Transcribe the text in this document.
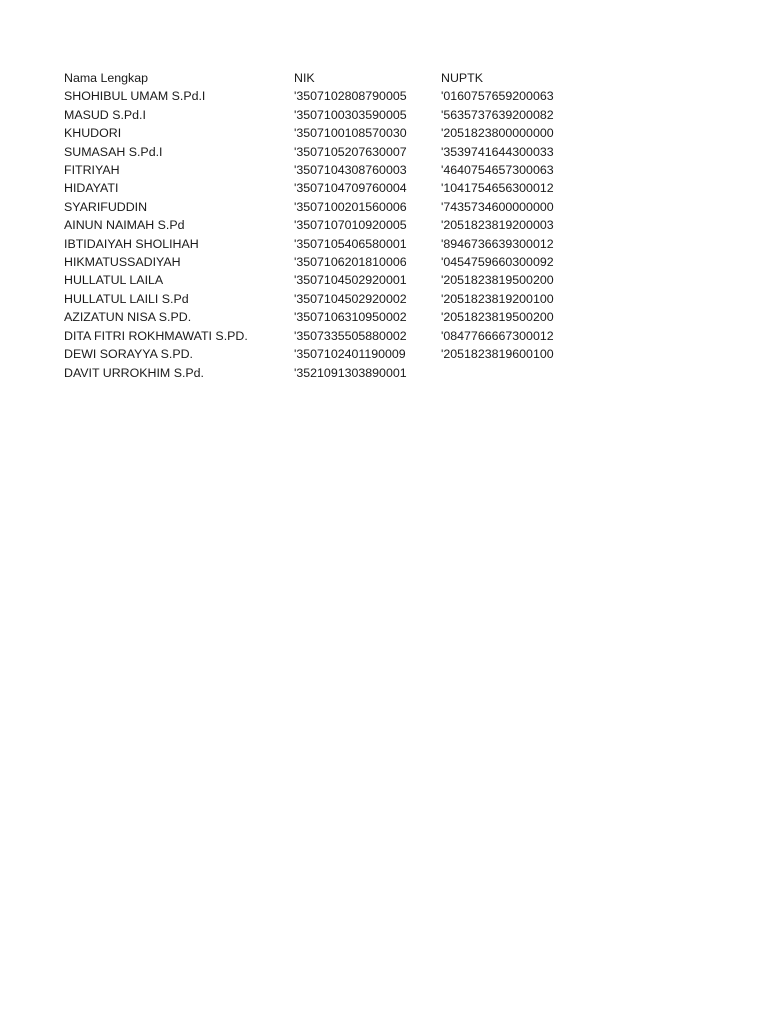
Nama Lengkap	NIK	NUPTK
SHOHIBUL UMAM S.Pd.I	'3507102808790005	'0160757659200063
MASUD S.Pd.I	'3507100303590005	'5635737639200082
KHUDORI	'3507100108570030	'2051823800000000
SUMASAH S.Pd.I	'3507105207630007	'3539741644300033
FITRIYAH	'3507104308760003	'4640754657300063
HIDAYATI	'3507104709760004	'1041754656300012
SYARIFUDDIN	'3507100201560006	'7435734600000000
AINUN NAIMAH S.Pd	'3507107010920005	'2051823819200003
IBTIDAIYAH SHOLIHAH	'3507105406580001	'8946736639300012
HIKMATUSSADIYAH	'3507106201810006	'0454759660300092
HULLATUL LAILA	'3507104502920001	'2051823819500200
HULLATUL LAILI S.Pd	'3507104502920002	'2051823819200100
AZIZATUN NISA S.PD.	'3507106310950002	'2051823819500200
DITA FITRI ROKHMAWATI S.PD.	'3507335505880002	'0847766667300012
DEWI SORAYYA S.PD.	'3507102401190009	'2051823819600100
DAVIT URROKHIM S.Pd.	'3521091303890001	
